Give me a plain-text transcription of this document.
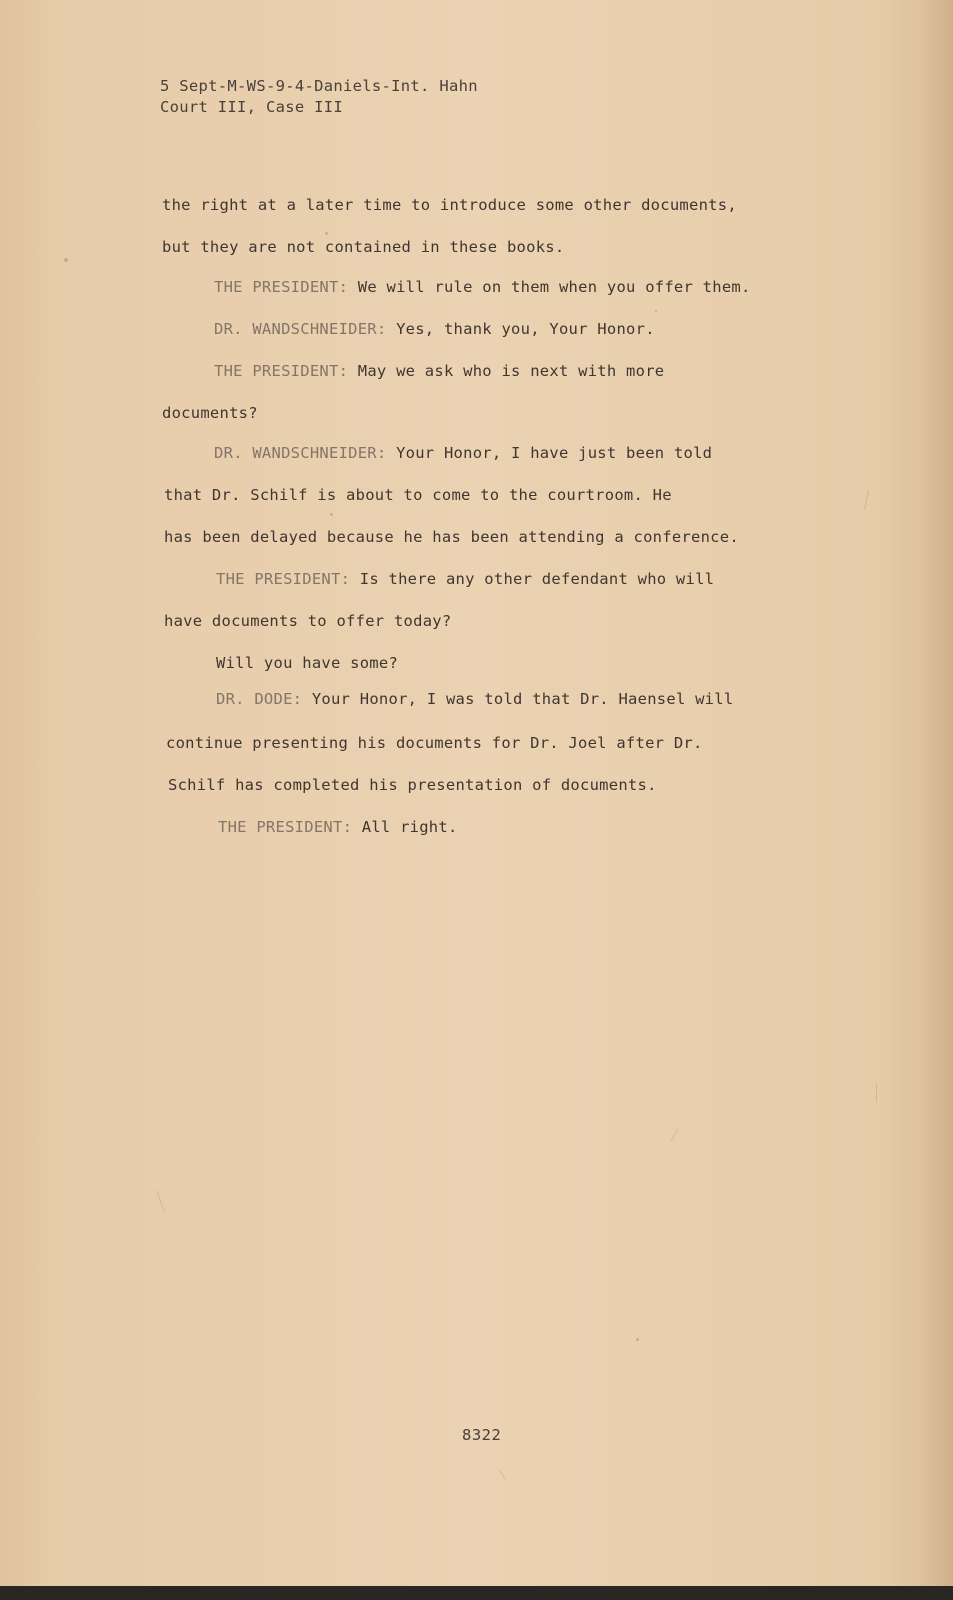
5 Sept-M-WS-9-4-Daniels-Int. Hahn
Court III, Case III
the right at a later time to introduce some other documents,
but they are not contained in these books.
THE PRESIDENT: We will rule on them when you offer them.
DR. WANDSCHNEIDER: Yes, thank you, Your Honor.
THE PRESIDENT: May we ask who is next with more
documents?
DR. WANDSCHNEIDER: Your Honor, I have just been told
that Dr. Schilf is about to come to the courtroom. He
has been delayed because he has been attending a conference.
THE PRESIDENT: Is there any other defendant who will
have documents to offer today?
Will you have some?
DR. DODE: Your Honor, I was told that Dr. Haensel will
continue presenting his documents for Dr. Joel after Dr.
Schilf has completed his presentation of documents.
THE PRESIDENT: All right.
8322
